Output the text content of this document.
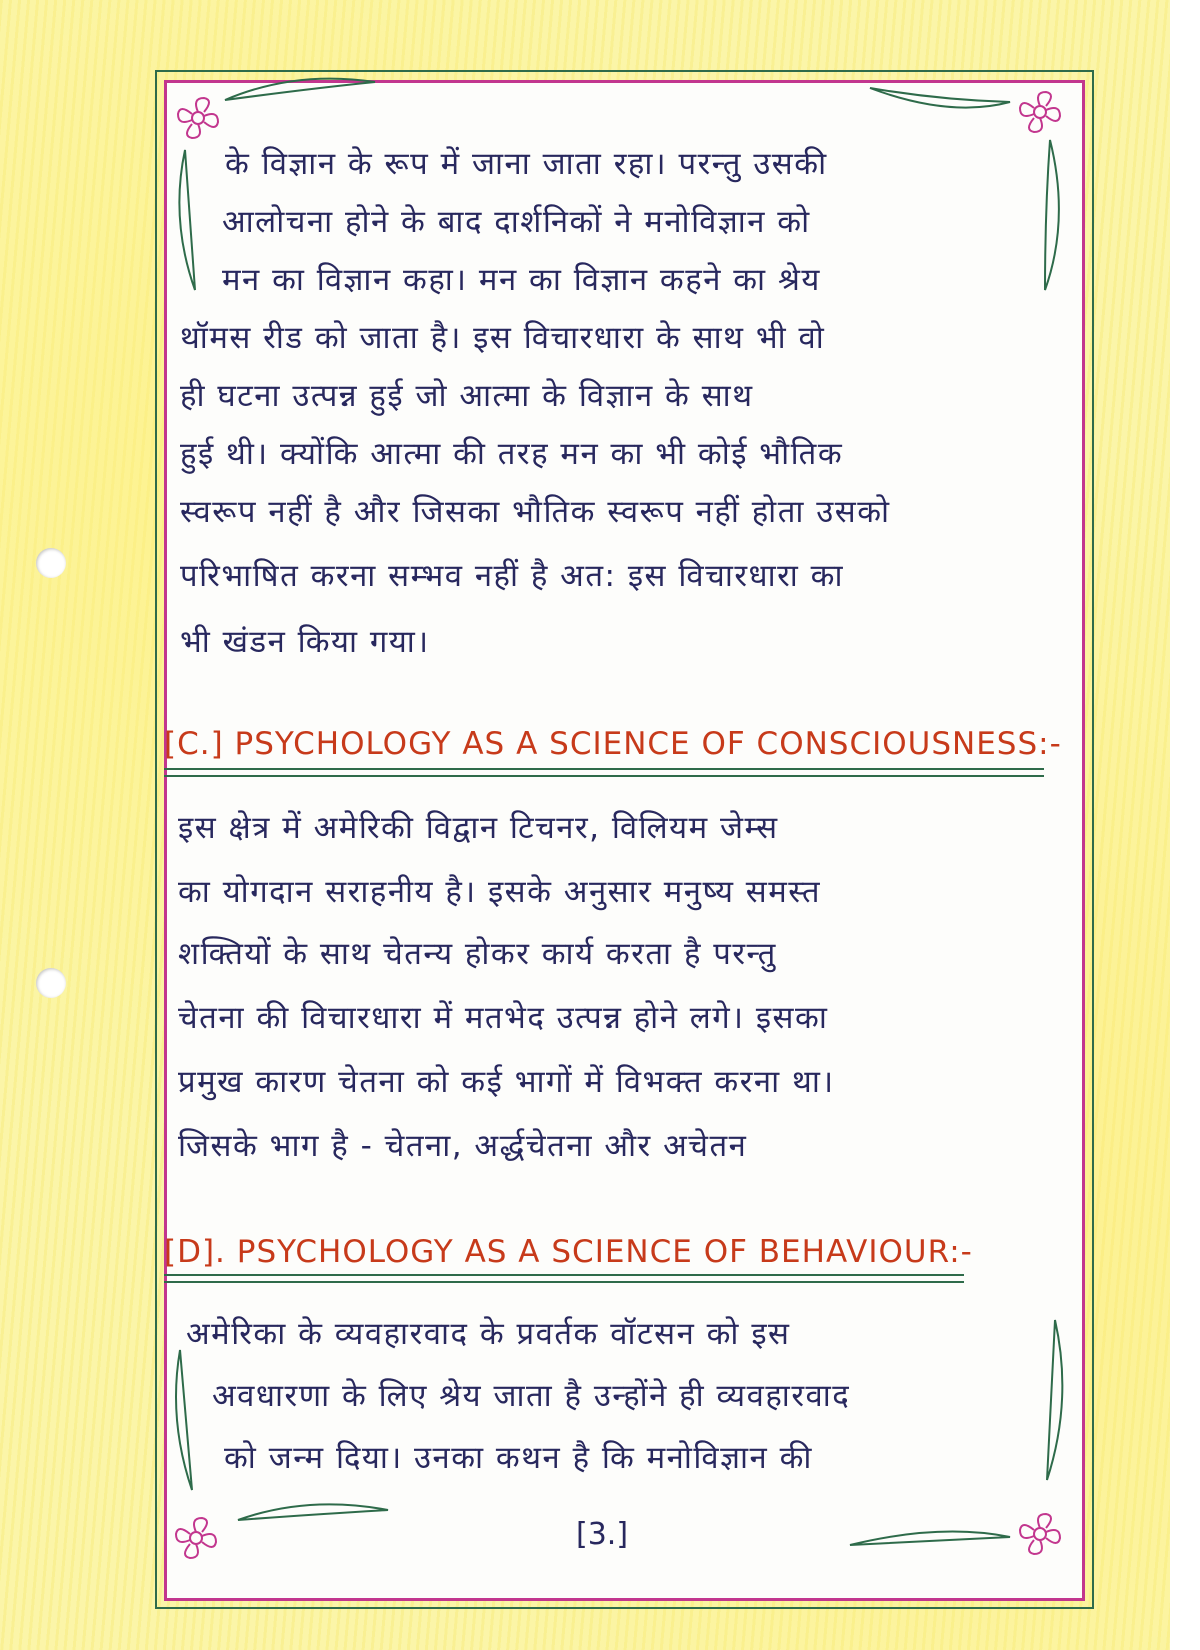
के विज्ञान के रूप में जाना जाता रहा। परन्तु उसकी
आलोचना होने के बाद दार्शनिकों ने मनोविज्ञान को
मन का विज्ञान कहा। मन का विज्ञान कहने का श्रेय
थॉमस रीड को जाता है। इस विचारधारा के साथ भी वो
ही घटना उत्पन्न हुई जो आत्मा के विज्ञान के साथ
हुई थी। क्योंकि आत्मा की तरह मन का भी कोई भौतिक
स्वरूप नहीं है और जिसका भौतिक स्वरूप नहीं होता उसको
परिभाषित करना सम्भव नहीं है अत: इस विचारधारा का
भी खंडन किया गया।
[C.] PSYCHOLOGY AS A SCIENCE OF CONSCIOUSNESS:-
इस क्षेत्र में अमेरिकी विद्वान टिचनर, विलियम जेम्स
का योगदान सराहनीय है। इसके अनुसार मनुष्य समस्त
शक्तियों के साथ चेतन्य होकर कार्य करता है परन्तु
चेतना की विचारधारा में मतभेद उत्पन्न होने लगे। इसका
प्रमुख कारण चेतना को कई भागों में विभक्त करना था।
जिसके भाग है - चेतना, अर्द्धचेतना और अचेतन
[D]. PSYCHOLOGY AS A SCIENCE OF BEHAVIOUR:-
अमेरिका के व्यवहारवाद के प्रवर्तक वॉटसन को इस
अवधारणा के लिए श्रेय जाता है उन्होंने ही व्यवहारवाद
को जन्म दिया। उनका कथन है कि मनोविज्ञान की
[3.]
